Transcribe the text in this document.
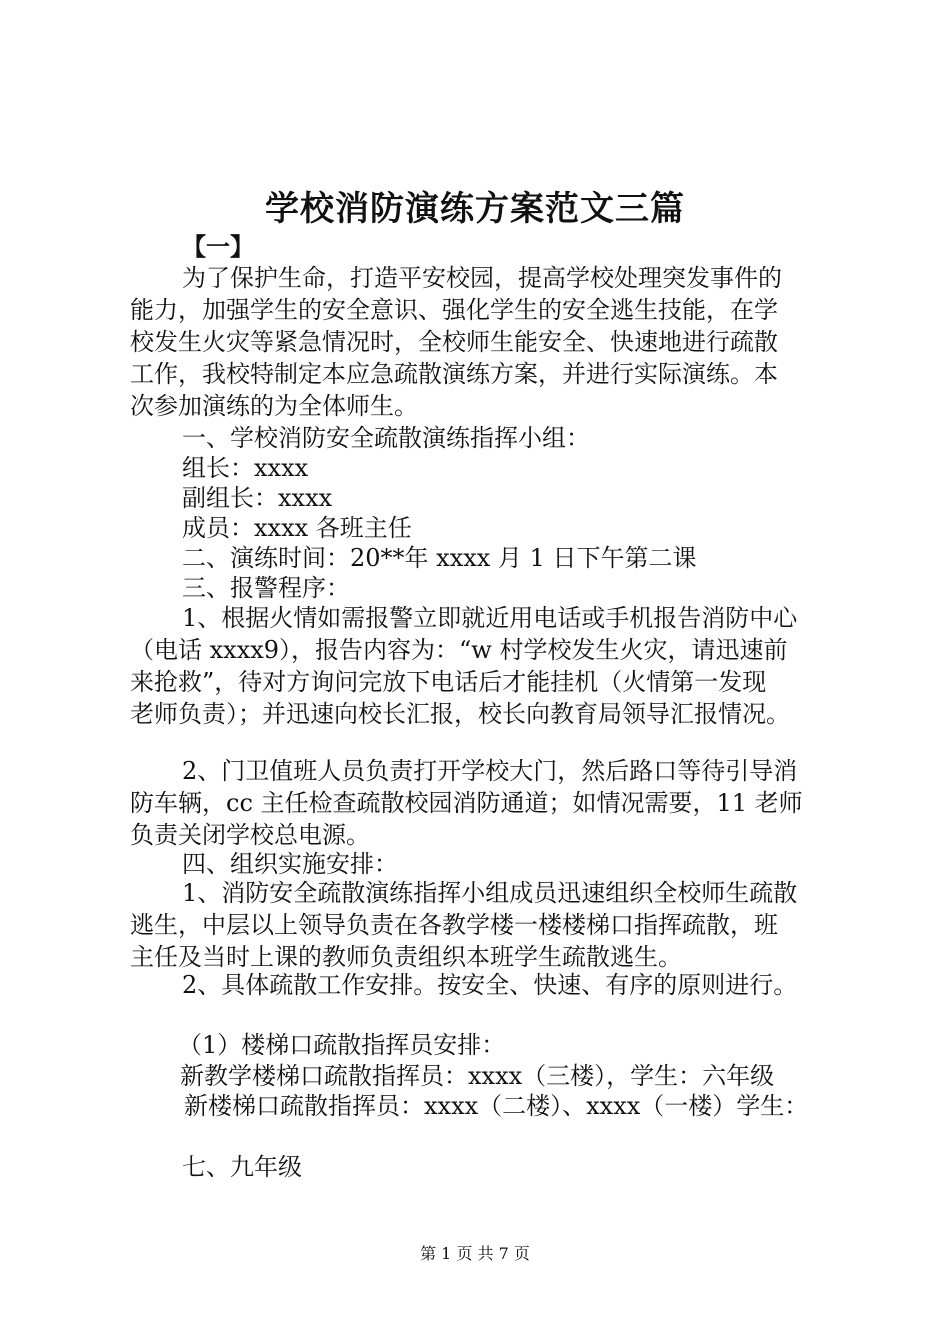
学校消防演练方案范文三篇

【一】

为了保护生命，打造平安校园，提高学校处理突发事件的

能力，加强学生的安全意识、强化学生的安全逃生技能，在学

校发生火灾等紧急情况时，全校师生能安全、快速地进行疏散

工作，我校特制定本应急疏散演练方案，并进行实际演练。本

次参加演练的为全体师生。

一、学校消防安全疏散演练指挥小组：

组长：xxxx

副组长：xxxx

成员：xxxx 各班主任

二、演练时间：20**年 xxxx 月 1 日下午第二课

三、报警程序：

1、根据火情如需报警立即就近用电话或手机报告消防中心

（电话 xxxx9），报告内容为：“w 村学校发生火灾，请迅速前

来抢救”，待对方询问完放下电话后才能挂机（火情第一发现

老师负责）；并迅速向校长汇报，校长向教育局领导汇报情况。

2、门卫值班人员负责打开学校大门，然后路口等待引导消

防车辆，cc 主任检查疏散校园消防通道；如情况需要，11 老师

负责关闭学校总电源。

四、组织实施安排：

1、消防安全疏散演练指挥小组成员迅速组织全校师生疏散

逃生，中层以上领导负责在各教学楼一楼楼梯口指挥疏散，班

主任及当时上课的教师负责组织本班学生疏散逃生。

2、具体疏散工作安排。按安全、快速、有序的原则进行。

（1）楼梯口疏散指挥员安排：

新教学楼梯口疏散指挥员：xxxx（三楼），学生：六年级

新楼梯口疏散指挥员：xxxx（二楼）、xxxx（一楼）学生：

七、九年级

第 1 页 共 7 页
